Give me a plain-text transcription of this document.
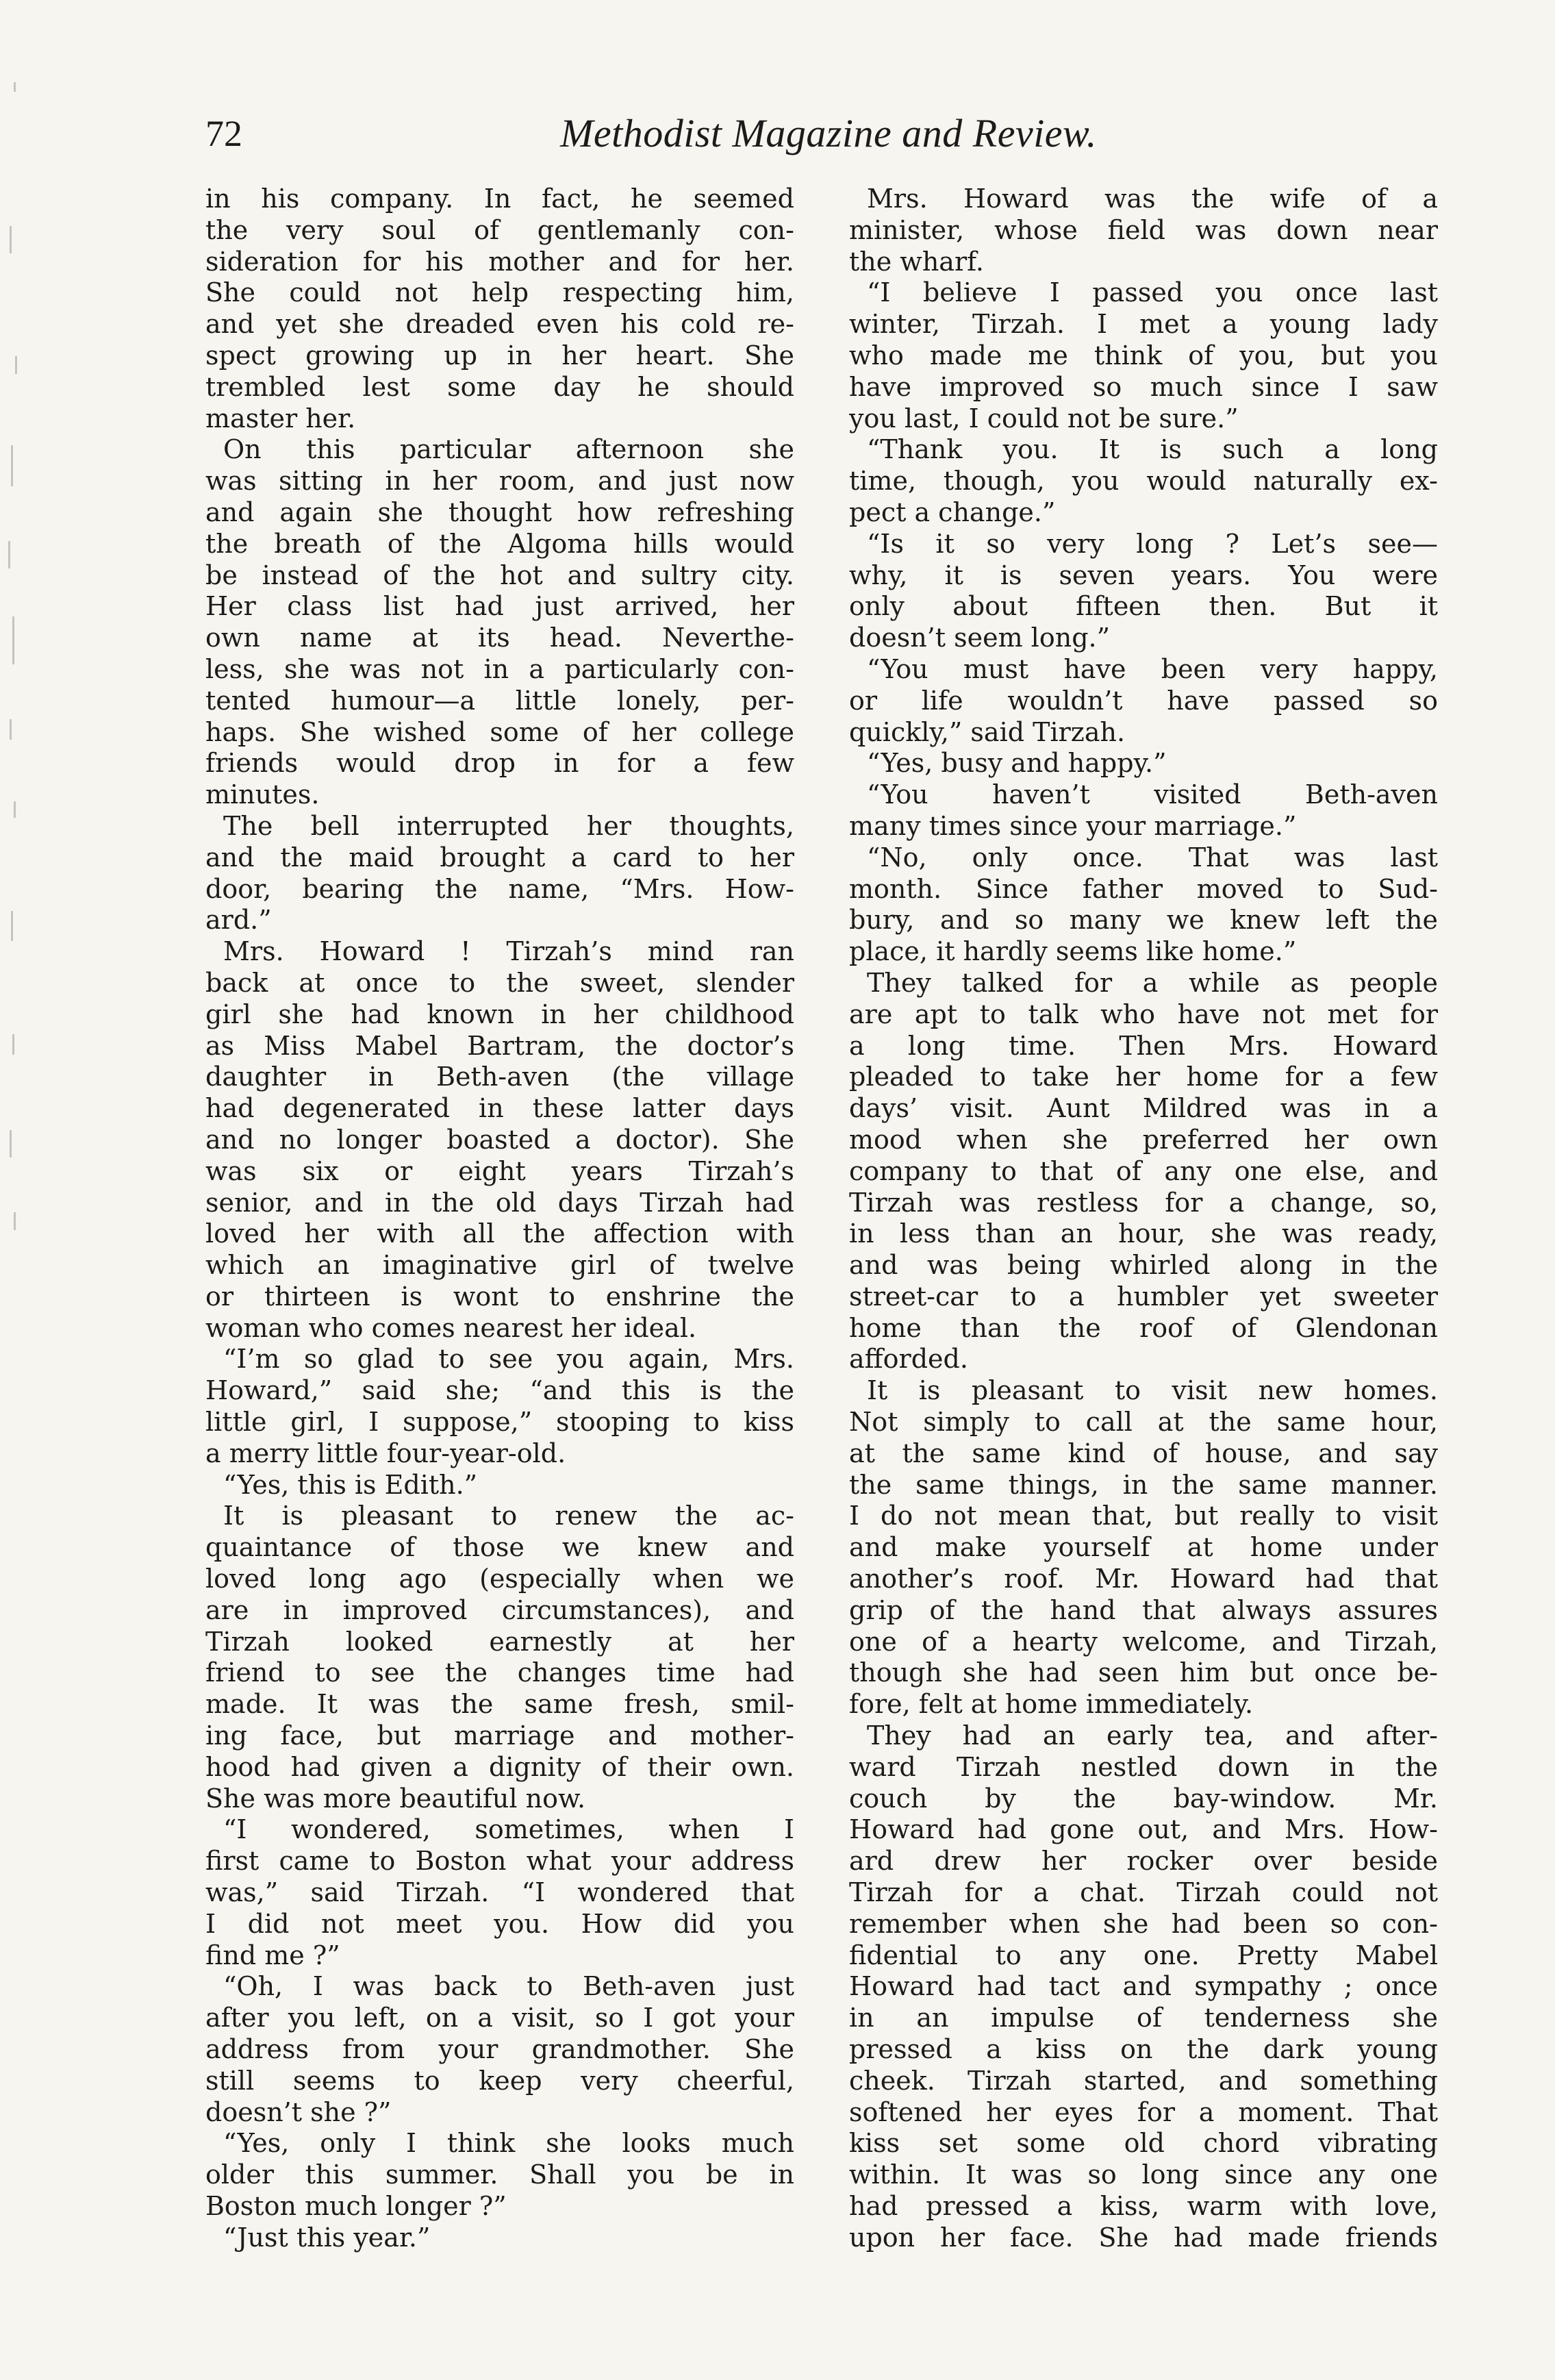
72	Methodist Magazine and Review.
in his company. In fact, he seemed
the very soul of gentlemanly con-
sideration for his mother and for her.
She could not help respecting him,
and yet she dreaded even his cold re-
spect growing up in her heart. She
trembled lest some day he should
master her.
On this particular afternoon she
was sitting in her room, and just now
and again she thought how refreshing
the breath of the Algoma hills would
be instead of the hot and sultry city.
Her class list had just arrived, her
own name at its head. Neverthe-
less, she was not in a particularly con-
tented humour—a little lonely, per-
haps. She wished some of her college
friends would drop in for a few
minutes.
The bell interrupted her thoughts,
and the maid brought a card to her
door, bearing the name, “Mrs. How-
ard.”
Mrs. Howard ! Tirzah’s mind ran
back at once to the sweet, slender
girl she had known in her childhood
as Miss Mabel Bartram, the doctor’s
daughter in Beth-aven (the village
had degenerated in these latter days
and no longer boasted a doctor). She
was six or eight years Tirzah’s
senior, and in the old days Tirzah had
loved her with all the affection with
which an imaginative girl of twelve
or thirteen is wont to enshrine the
woman who comes nearest her ideal.
“I’m so glad to see you again, Mrs.
Howard,” said she; “and this is the
little girl, I suppose,” stooping to kiss
a merry little four-year-old.
“Yes, this is Edith.”
It is pleasant to renew the ac-
quaintance of those we knew and
loved long ago (especially when we
are in improved circumstances), and
Tirzah looked earnestly at her
friend to see the changes time had
made. It was the same fresh, smil-
ing face, but marriage and mother-
hood had given a dignity of their own.
She was more beautiful now.
“I wondered, sometimes, when I
first came to Boston what your address
was,” said Tirzah. “I wondered that
I did not meet you. How did you
find me ?”
“Oh, I was back to Beth-aven just
after you left, on a visit, so I got your
address from your grandmother. She
still seems to keep very cheerful,
doesn’t she ?”
“Yes, only I think she looks much
older this summer. Shall you be in
Boston much longer ?”
“Just this year.”
Mrs. Howard was the wife of a
minister, whose field was down near
the wharf.
“I believe I passed you once last
winter, Tirzah. I met a young lady
who made me think of you, but you
have improved so much since I saw
you last, I could not be sure.”
“Thank you. It is such a long
time, though, you would naturally ex-
pect a change.”
“Is it so very long ? Let’s see—
why, it is seven years. You were
only about fifteen then. But it
doesn’t seem long.”
“You must have been very happy,
or life wouldn’t have passed so
quickly,” said Tirzah.
“Yes, busy and happy.”
“You haven’t visited Beth-aven
many times since your marriage.”
“No, only once. That was last
month. Since father moved to Sud-
bury, and so many we knew left the
place, it hardly seems like home.”
They talked for a while as people
are apt to talk who have not met for
a long time. Then Mrs. Howard
pleaded to take her home for a few
days’ visit. Aunt Mildred was in a
mood when she preferred her own
company to that of any one else, and
Tirzah was restless for a change, so,
in less than an hour, she was ready,
and was being whirled along in the
street-car to a humbler yet sweeter
home than the roof of Glendonan
afforded.
It is pleasant to visit new homes.
Not simply to call at the same hour,
at the same kind of house, and say
the same things, in the same manner.
I do not mean that, but really to visit
and make yourself at home under
another’s roof. Mr. Howard had that
grip of the hand that always assures
one of a hearty welcome, and Tirzah,
though she had seen him but once be-
fore, felt at home immediately.
They had an early tea, and after-
ward Tirzah nestled down in the
couch by the bay-window. Mr.
Howard had gone out, and Mrs. How-
ard drew her rocker over beside
Tirzah for a chat. Tirzah could not
remember when she had been so con-
fidential to any one. Pretty Mabel
Howard had tact and sympathy ; once
in an impulse of tenderness she
pressed a kiss on the dark young
cheek. Tirzah started, and something
softened her eyes for a moment. That
kiss set some old chord vibrating
within. It was so long since any one
had pressed a kiss, warm with love,
upon her face. She had made friends
